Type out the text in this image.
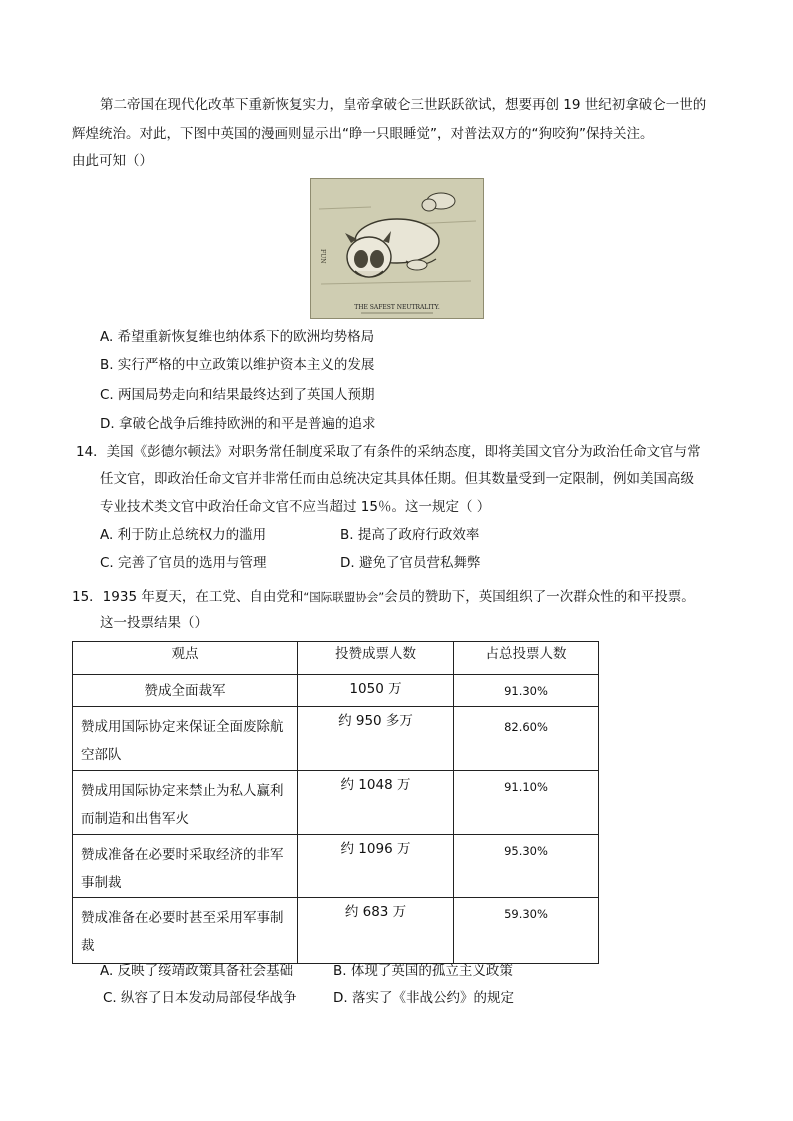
第二帝国在现代化改革下重新恢复实力，皇帝拿破仑三世跃跃欲试，想要再创 19 世纪初拿破仑一世的
辉煌统治。对此，下图中英国的漫画则显示出“睁一只眼睡觉”，对普法双方的“狗咬狗”保持关注。
由此可知（）
FUN
THE SAFEST NEUTRALITY.
A. 希望重新恢复维也纳体系下的欧洲均势格局
B. 实行严格的中立政策以维护资本主义的发展
C. 两国局势走向和结果最终达到了英国人预期
D. 拿破仑战争后维持欧洲的和平是普遍的追求
14．美国《彭德尔顿法》对职务常任制度采取了有条件的采纳态度，即将美国文官分为政治任命文官与常
任文官，即政治任命文官并非常任而由总统决定其具体任期。但其数量受到一定限制，例如美国高级
专业技术类文官中政治任命文官不应当超过 15％。这一规定（ ）
A. 利于防止总统权力的滥用	B. 提高了政府行政效率
C. 完善了官员的选用与管理	D. 避免了官员营私舞弊
15．1935 年夏天，在工党、自由党和“国际联盟协会”会员的赞助下，英国组织了一次群众性的和平投票。
这一投票结果（）
观点	投赞成票人数	占总投票人数
赞成全面裁军	1050 万	91.30%
赞成用国际协定来保证全面废除航空部队	约 950 多万	82.60%
赞成用国际协定来禁止为私人赢利而制造和出售军火	约 1048 万	91.10%
赞成准备在必要时采取经济的非军事制裁	约 1096 万	95.30%
赞成准备在必要时甚至采用军事制裁	约 683 万	59.30%
A. 反映了绥靖政策具备社会基础	B. 体现了英国的孤立主义政策
C. 纵容了日本发动局部侵华战争	D. 落实了《非战公约》的规定
